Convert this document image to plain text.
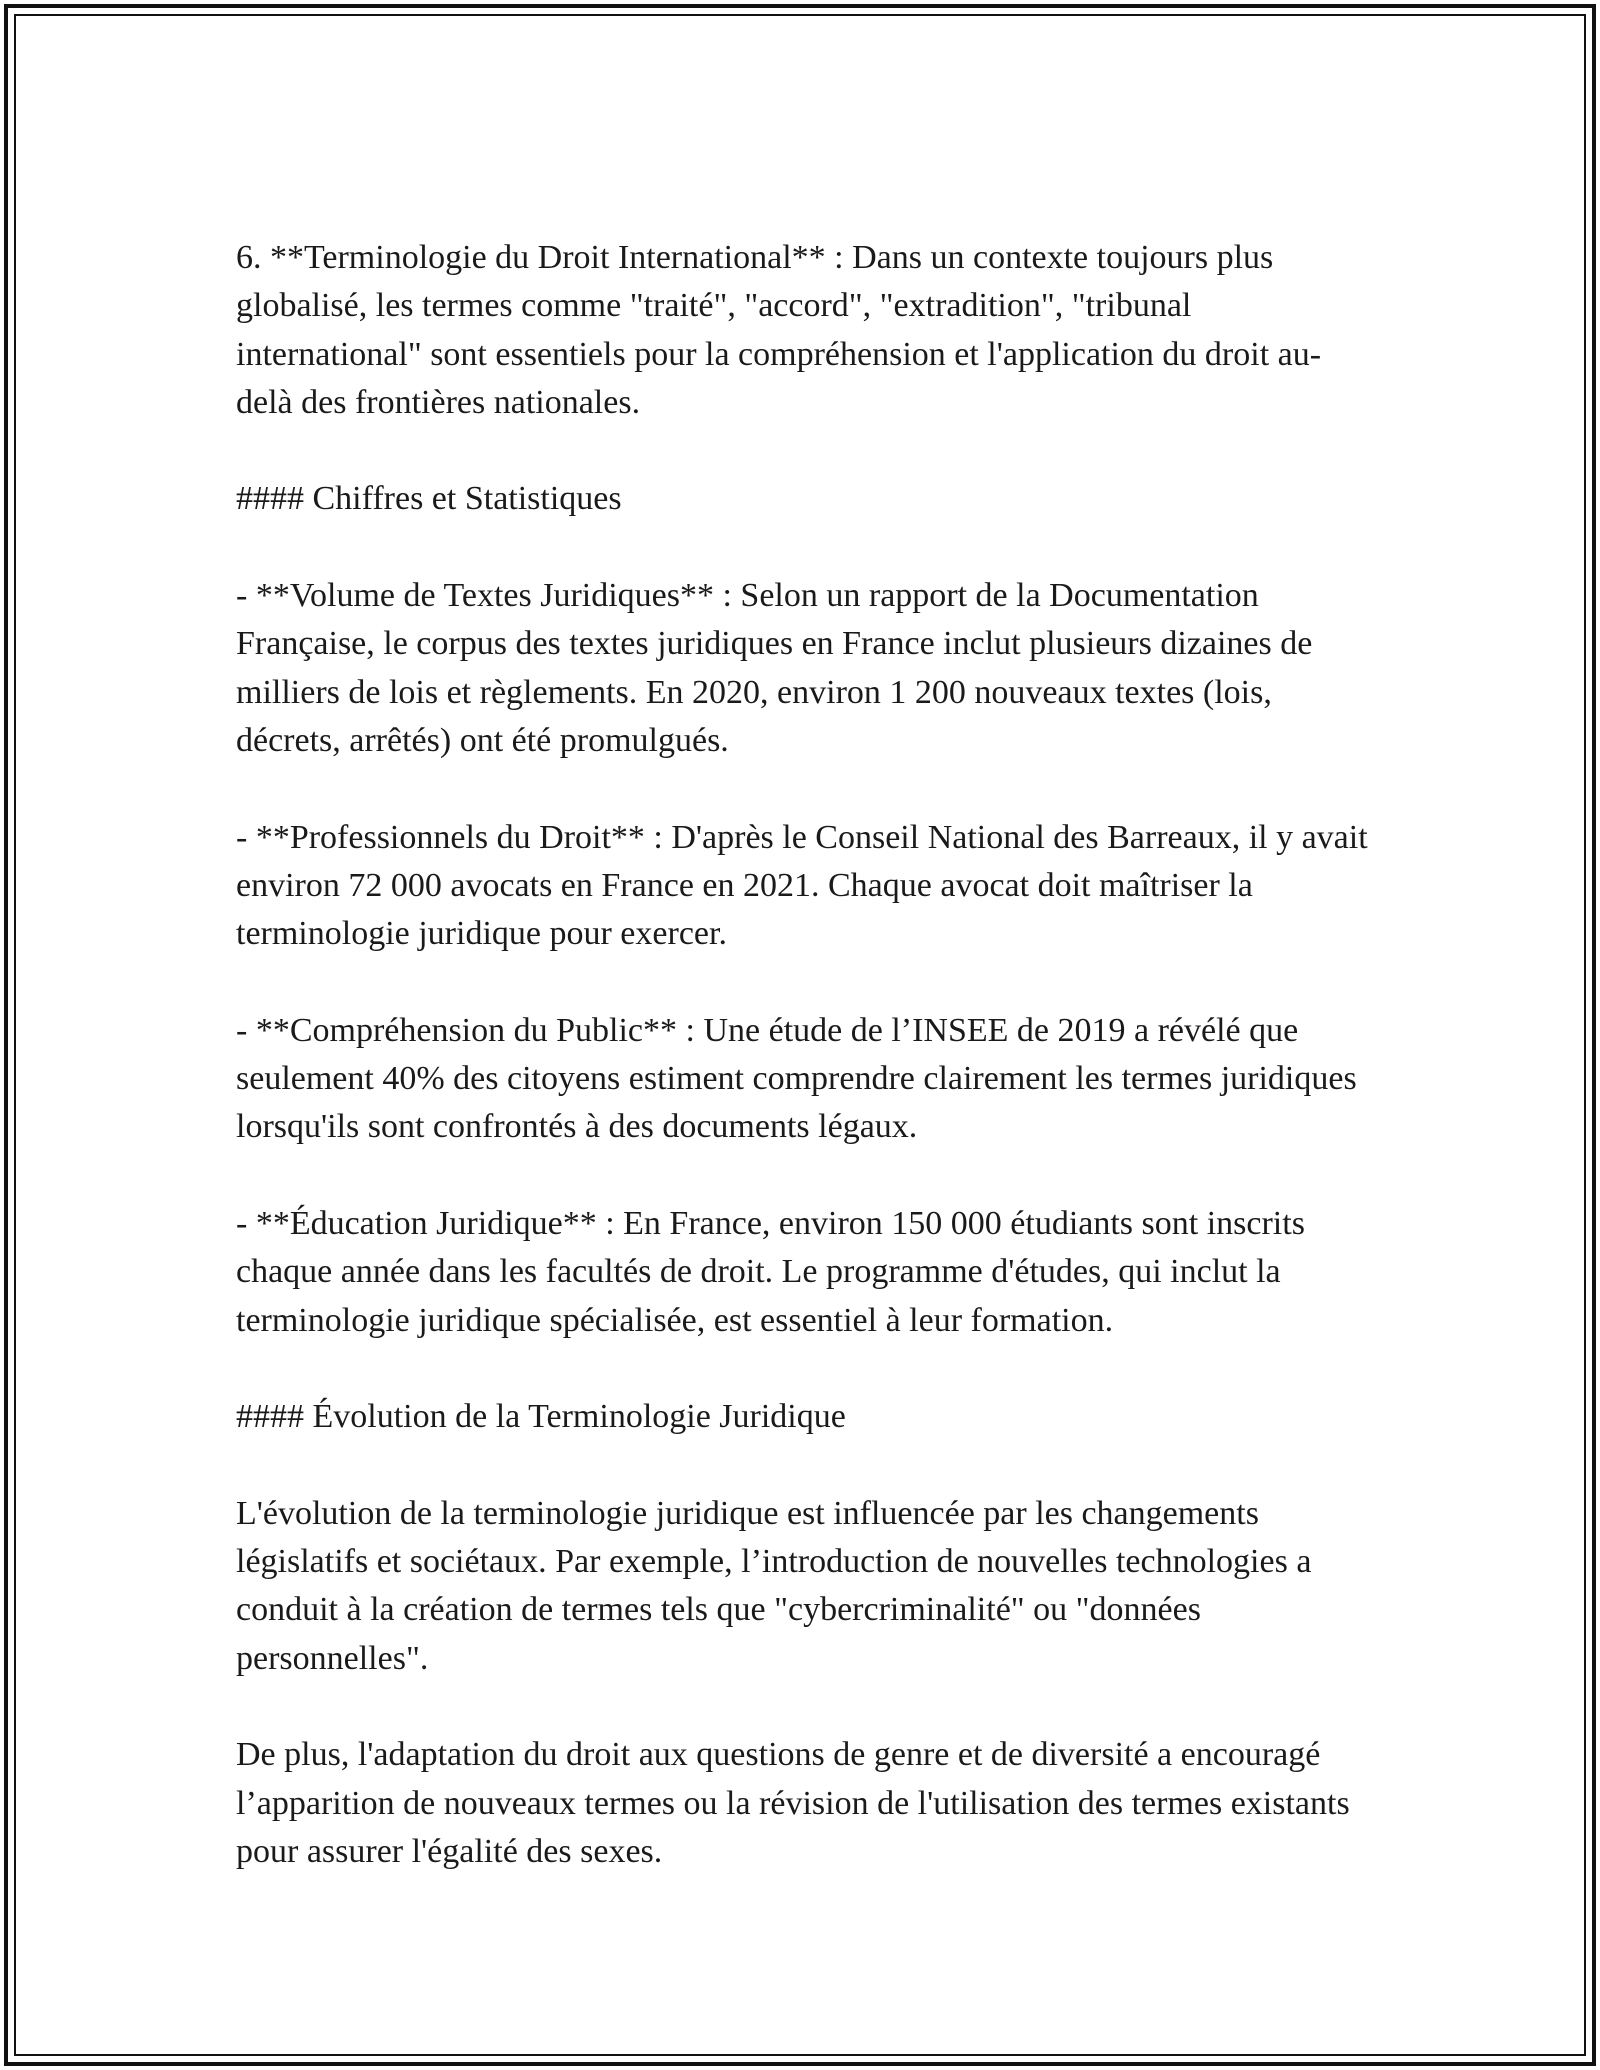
6. **Terminologie du Droit International** : Dans un contexte toujours plus globalisé, les termes comme "traité", "accord", "extradition", "tribunal international" sont essentiels pour la compréhension et l'application du droit au-delà des frontières nationales.

#### Chiffres et Statistiques

- **Volume de Textes Juridiques** : Selon un rapport de la Documentation Française, le corpus des textes juridiques en France inclut plusieurs dizaines de milliers de lois et règlements. En 2020, environ 1 200 nouveaux textes (lois, décrets, arrêtés) ont été promulgués.

- **Professionnels du Droit** : D'après le Conseil National des Barreaux, il y avait environ 72 000 avocats en France en 2021. Chaque avocat doit maîtriser la terminologie juridique pour exercer.

- **Compréhension du Public** : Une étude de l’INSEE de 2019 a révélé que seulement 40% des citoyens estiment comprendre clairement les termes juridiques lorsqu'ils sont confrontés à des documents légaux.

- **Éducation Juridique** : En France, environ 150 000 étudiants sont inscrits chaque année dans les facultés de droit. Le programme d'études, qui inclut la terminologie juridique spécialisée, est essentiel à leur formation.

#### Évolution de la Terminologie Juridique

L'évolution de la terminologie juridique est influencée par les changements législatifs et sociétaux. Par exemple, l’introduction de nouvelles technologies a conduit à la création de termes tels que "cybercriminalité" ou "données personnelles".

De plus, l'adaptation du droit aux questions de genre et de diversité a encouragé l’apparition de nouveaux termes ou la révision de l'utilisation des termes existants pour assurer l'égalité des sexes.
